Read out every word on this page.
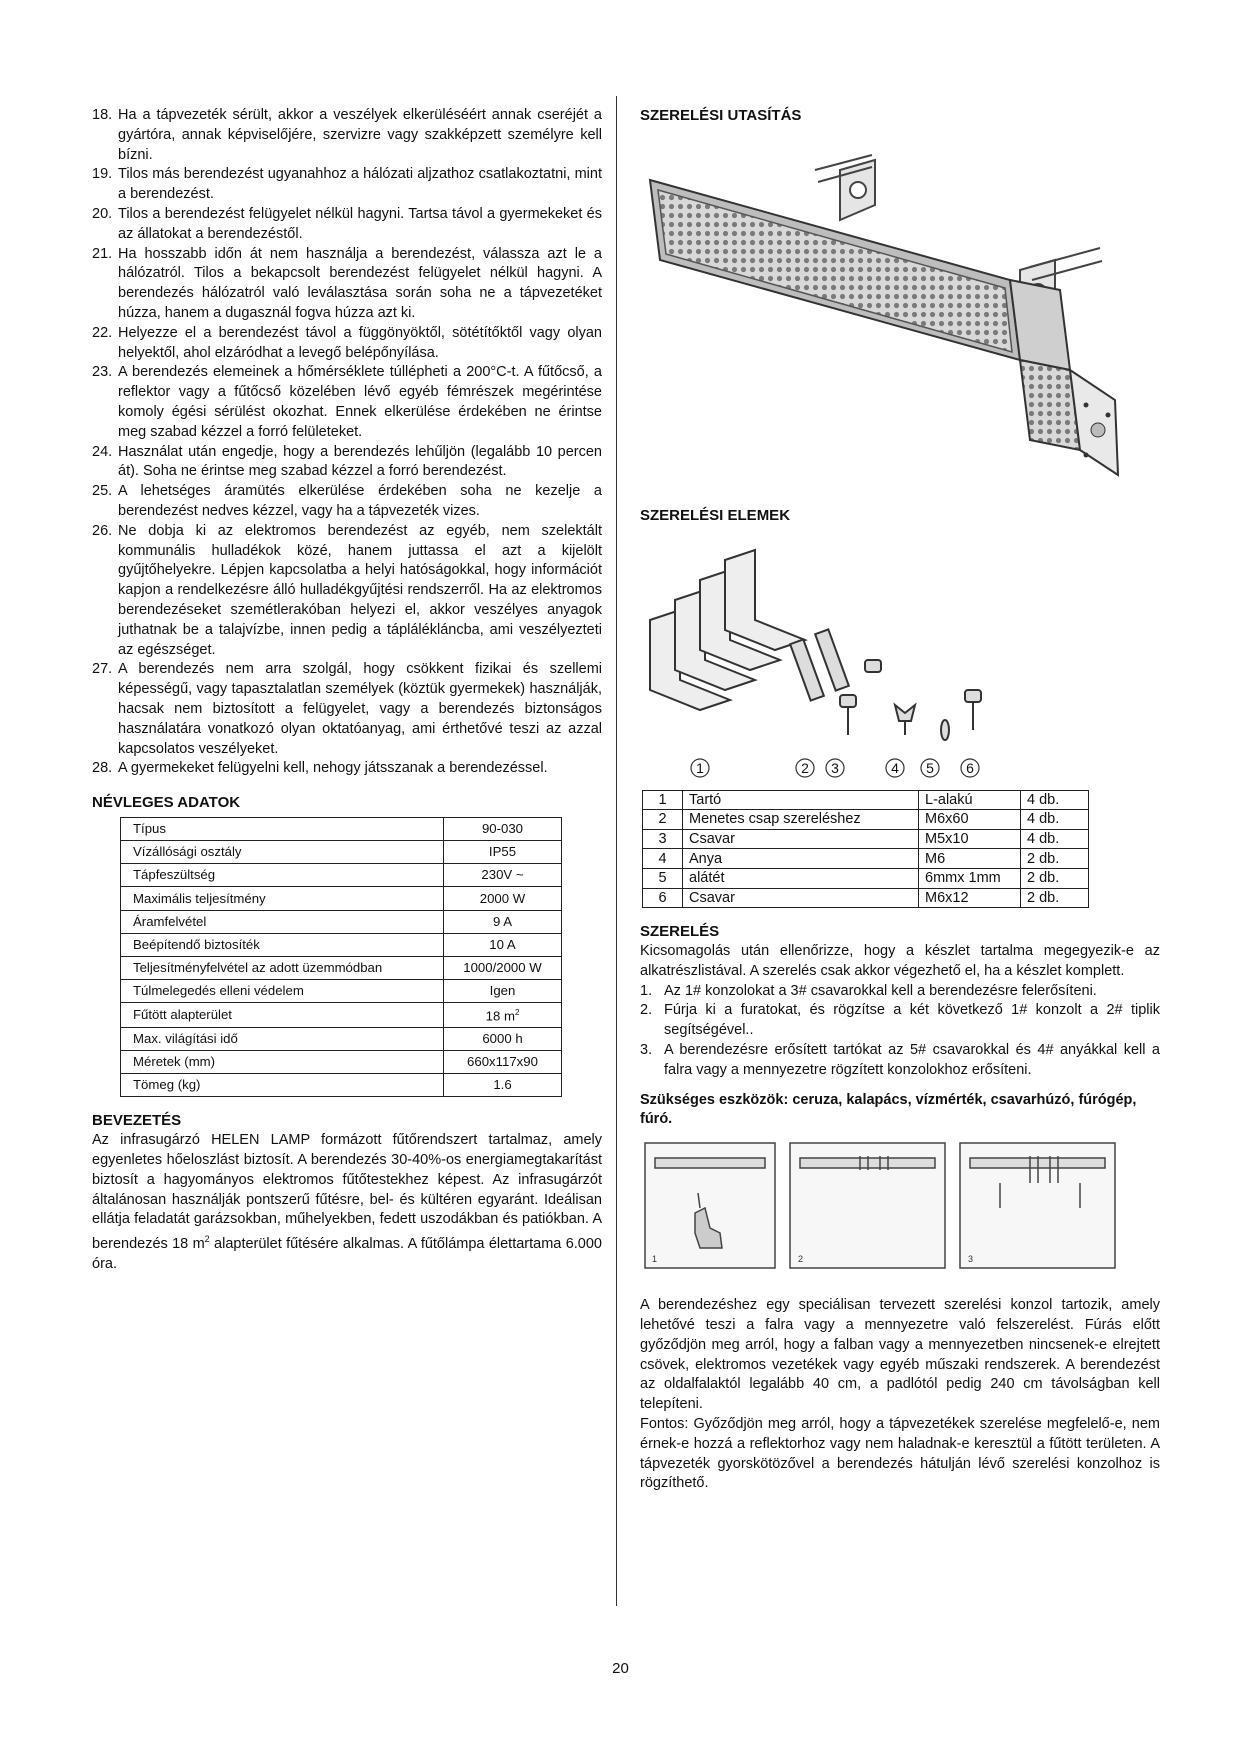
18. Ha a tápvezeték sérült, akkor a veszélyek elkerüléséért annak cseréjét a gyártóra, annak képviselőjére, szervizre vagy szakképzett személyre kell bízni.
19. Tilos más berendezést ugyanahhoz a hálózati aljzathoz csatlakoztatni, mint a berendezést.
20. Tilos a berendezést felügyelet nélkül hagyni. Tartsa távol a gyermekeket és az állatokat a berendezéstől.
21. Ha hosszabb időn át nem használja a berendezést, válassza azt le a hálózatról. Tilos a bekapcsolt berendezést felügyelet nélkül hagyni. A berendezés hálózatról való leválasztása során soha ne a tápvezetéket húzza, hanem a dugasznál fogva húzza azt ki.
22. Helyezze el a berendezést távol a függönyöktől, sötétítőktől vagy olyan helyektől, ahol elzáródhat a levegő belépőnyílása.
23. A berendezés elemeinek a hőmérséklete túllépheti a 200°C-t. A fűtőcső, a reflektor vagy a fűtőcső közelében lévő egyéb fémrészek megérintése komoly égési sérülést okozhat. Ennek elkerülése érdekében ne érintse meg szabad kézzel a forró felületeket.
24. Használat után engedje, hogy a berendezés lehűljön (legalább 10 percen át). Soha ne érintse meg szabad kézzel a forró berendezést.
25. A lehetséges áramütés elkerülése érdekében soha ne kezelje a berendezést nedves kézzel, vagy ha a tápvezeték vizes.
26. Ne dobja ki az elektromos berendezést az egyéb, nem szelektált kommunális hulladékok közé, hanem juttassa el azt a kijelölt gyűjtőhelyekre. Lépjen kapcsolatba a helyi hatóságokkal, hogy információt kapjon a rendelkezésre álló hulladékgyűjtési rendszerről. Ha az elektromos berendezéseket szemétlerakóban helyezi el, akkor veszélyes anyagok juthatnak be a talajvízbe, innen pedig a táplálékláncba, ami veszélyezteti az egészséget.
27. A berendezés nem arra szolgál, hogy csökkent fizikai és szellemi képességű, vagy tapasztalatlan személyek (köztük gyermekek) használják, hacsak nem biztosított a felügyelet, vagy a berendezés biztonságos használatára vonatkozó olyan oktatóanyag, ami érthetővé teszi az azzal kapcsolatos veszélyeket.
28. A gyermekeket felügyelni kell, nehogy játsszanak a berendezéssel.
NÉVLEGES ADATOK
Típus	90-030
Vízállósági osztály	IP55
Tápfeszültség	230V ~
Maximális teljesítmény	2000 W
Áramfelvétel	9 A
Beépítendő biztosíték	10 A
Teljesítményfelvétel az adott üzemmódban	1000/2000 W
Túlmelegedés elleni védelem	Igen
Fűtött alapterület	18 $m^2$
Max. világítási idő	6000 h
Méretek (mm)	660x117x90
Tömeg (kg)	1.6
BEVEZETÉS

Az infrasugárzó HELEN LAMP formázott fűtőrendszert tartalmaz, amely egyenletes hőeloszlást biztosít. A berendezés 30-40%-os energiamegtakarítást biztosít a hagyományos elektromos fűtőtestekhez képest. Az infrasugárzót általánosan használják pontszerű fűtésre, bel- és kültéren egyaránt. Ideálisan ellátja feladatát garázsokban, műhelyekben, fedett uszodákban és patiókban. A berendezés 18 $m^2$ alapterület fűtésére alkalmas. A fűtőlámpa élettartama 6.000 óra.

SZERELÉSI UTASÍTÁS
SZERELÉSI ELEMEK
1	2 3	4 5 6
1	Tartó	L-alakú	4 db.
2	Menetes csap szereléshez	M6x60	4 db.
3	Csavar	M5x10	4 db.
4	Anya	M6	2 db.
5	alátét	6mmx 1mm	2 db.
6	Csavar	M6x12	2 db.
SZERELÉS

Kicsomagolás után ellenőrizze, hogy a készlet tartalma megegyezik-e az alkatrészlistával. A szerelés csak akkor végezhető el, ha a készlet komplett.

1. Az 1# konzolokat a 3# csavarokkal kell a berendezésre felerősíteni.
2. Fúrja ki a furatokat, és rögzítse a két következő 1# konzolt a 2# tiplik segítségével..
3. A berendezésre erősített tartókat az 5# csavarokkal és 4# anyákkal kell a falra vagy a mennyezetre rögzített konzolokhoz erősíteni.

Szükséges eszközök: ceruza, kalapács, vízmérték, csavarhúzó, fúrógép, fúró.

1	2	3

A berendezéshez egy speciálisan tervezett szerelési konzol tartozik, amely lehetővé teszi a falra vagy a mennyezetre való felszerelést. Fúrás előtt győződjön meg arról, hogy a falban vagy a mennyezetben nincsenek-e elrejtett csövek, elektromos vezetékek vagy egyéb műszaki rendszerek. A berendezést az oldalfalaktól legalább 40 cm, a padlótól pedig 240 cm távolságban kell telepíteni.

Fontos: Győződjön meg arról, hogy a tápvezetékek szerelése megfelelő-e, nem érnek-e hozzá a reflektorhoz vagy nem haladnak-e keresztül a fűtött területen. A tápvezeték gyorskötözővel a berendezés hátulján lévő szerelési konzolhoz is rögzíthető.

20
